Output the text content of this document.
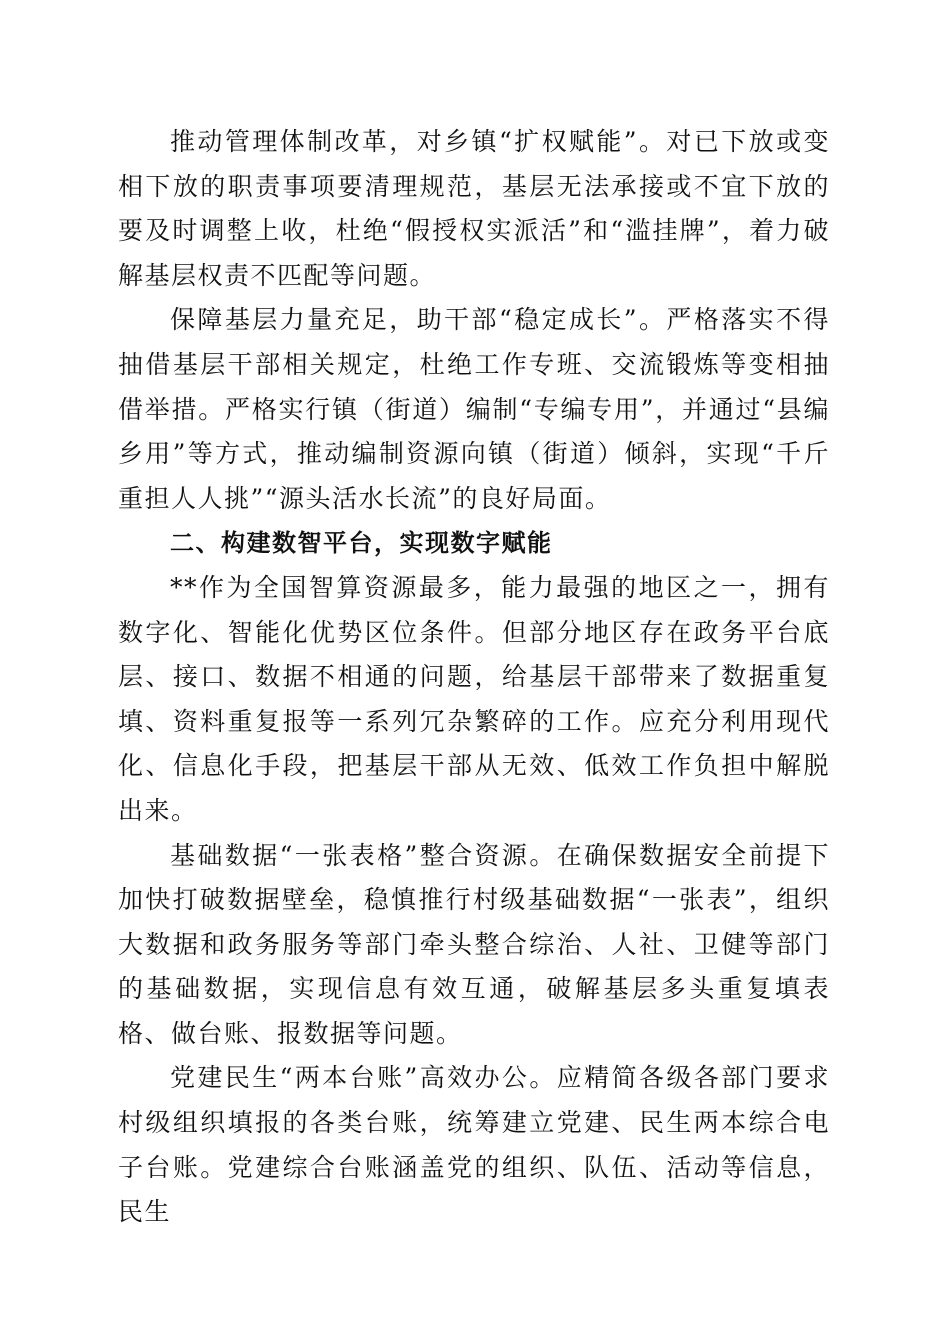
推动管理体制改革，对乡镇“扩权赋能”。对已下放或变相下放的职责事项要清理规范，基层无法承接或不宜下放的要及时调整上收，杜绝“假授权实派活”和“滥挂牌”，着力破解基层权责不匹配等问题。

保障基层力量充足，助干部“稳定成长”。严格落实不得抽借基层干部相关规定，杜绝工作专班、交流锻炼等变相抽借举措。严格实行镇（街道）编制“专编专用”，并通过“县编乡用”等方式，推动编制资源向镇（街道）倾斜，实现“千斤重担人人挑”“源头活水长流”的良好局面。

二、构建数智平台，实现数字赋能

**作为全国智算资源最多，能力最强的地区之一，拥有数字化、智能化优势区位条件。但部分地区存在政务平台底层、接口、数据不相通的问题，给基层干部带来了数据重复填、资料重复报等一系列冗杂繁碎的工作。应充分利用现代化、信息化手段，把基层干部从无效、低效工作负担中解脱出来。

基础数据“一张表格”整合资源。在确保数据安全前提下加快打破数据壁垒，稳慎推行村级基础数据“一张表”，组织大数据和政务服务等部门牵头整合综治、人社、卫健等部门的基础数据，实现信息有效互通，破解基层多头重复填表格、做台账、报数据等问题。

党建民生“两本台账”高效办公。应精简各级各部门要求村级组织填报的各类台账，统筹建立党建、民生两本综合电子台账。党建综合台账涵盖党的组织、队伍、活动等信息，民生
